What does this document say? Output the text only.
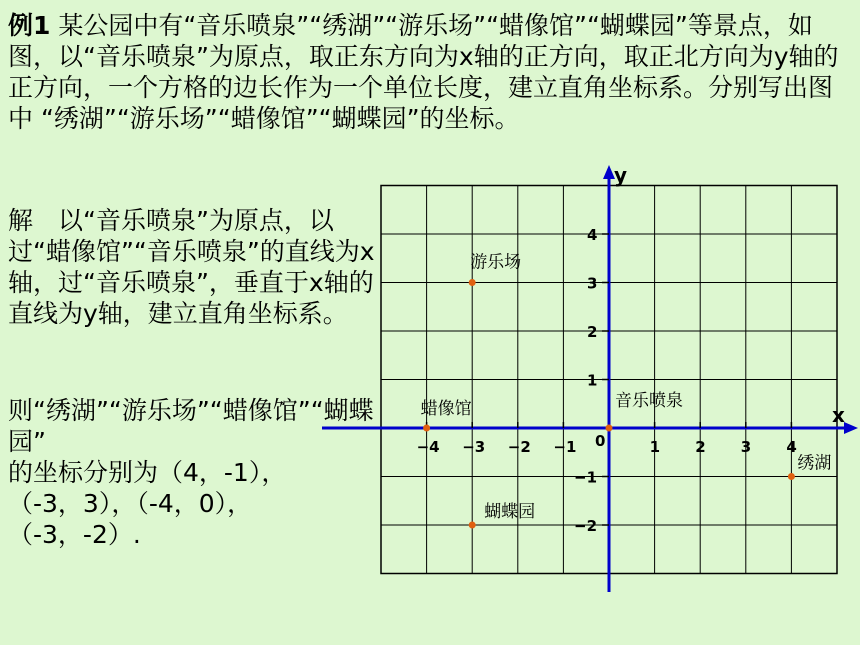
例1 某公园中有“音乐喷泉”“绣湖”“游乐场”“蜡像馆”“蝴蝶园”等景点，如图，以“音乐喷泉”为原点，取正东方向为x轴的正方向，取正北方向为y轴的正方向，一个方格的边长作为一个单位长度，建立直角坐标系。分别写出图中 “绣湖”“游乐场”“蜡像馆”“蝴蝶园”的坐标。
解　以“音乐喷泉”为原点，以过“蜡像馆”“音乐喷泉”的直线为x轴，过“音乐喷泉”，垂直于x轴的直线为y轴，建立直角坐标系。
则“绣湖”“游乐场”“蜡像馆”“蝴蝶园”
的坐标分别为（4，-1），
（-3，3），（-4，0），
（-3，-2）.
x
y
0
−4 −3 −2 −1	1 2 3 4
4
3
2
1
−1
−2
绣湖
游乐场
蜡像馆
蝴蝶园
音乐喷泉
